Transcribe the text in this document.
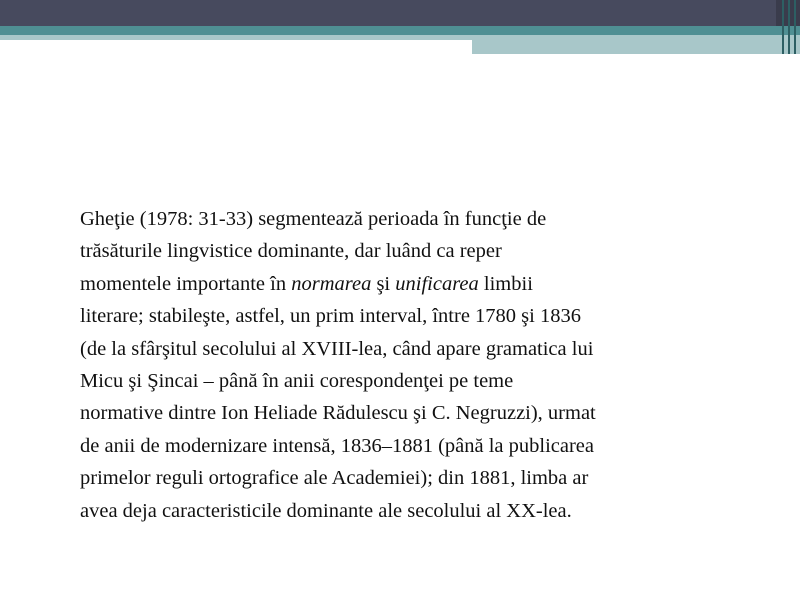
Gheţie (1978: 31-33) segmentează perioada în funcţie de
trăsăturile lingvistice dominante, dar luând ca reper
momentele importante în normarea şi unificarea limbii
literare; stabileşte, astfel, un prim interval, între 1780 şi 1836
(de la sfârşitul secolului al XVIII-lea, când apare gramatica lui
Micu şi Şincai – până în anii corespondenţei pe teme
normative dintre Ion Heliade Rădulescu şi C. Negruzzi), urmat
de anii de modernizare intensă, 1836–1881 (până la publicarea
primelor reguli ortografice ale Academiei); din 1881, limba ar
avea deja caracteristicile dominante ale secolului al XX-lea.
